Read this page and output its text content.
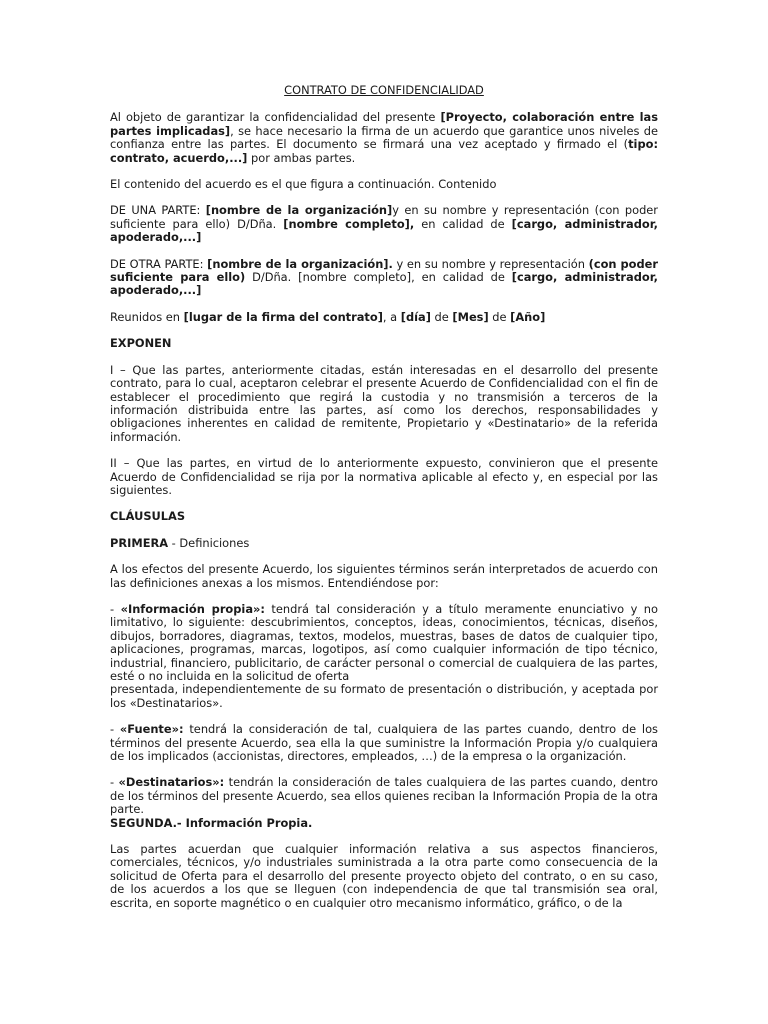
CONTRATO DE CONFIDENCIALIDAD

Al objeto de garantizar la confidencialidad del presente [Proyecto, colaboración entre las partes implicadas], se hace necesario la firma de un acuerdo que garantice unos niveles de confianza entre las partes. El documento se firmará una vez aceptado y firmado el (tipo: contrato, acuerdo,...] por ambas partes.

El contenido del acuerdo es el que figura a continuación. Contenido

DE UNA PARTE: [nombre de la organización]y en su nombre y representación (con poder suficiente para ello) D/Dña. [nombre completo], en calidad de [cargo, administrador, apoderado,...]

DE OTRA PARTE: [nombre de la organización]. y en su nombre y representación (con poder suficiente para ello) D/Dña. [nombre completo], en calidad de [cargo, administrador, apoderado,...]

Reunidos en [lugar de la firma del contrato], a [día] de [Mes] de [Año]

EXPONEN

I – Que las partes, anteriormente citadas, están interesadas en el desarrollo del presente contrato, para lo cual, aceptaron celebrar el presente Acuerdo de Confidencialidad con el fin de establecer el procedimiento que regirá la custodia y no transmisión a terceros de la información distribuida entre las partes, así como los derechos, responsabilidades y obligaciones inherentes en calidad de remitente, Propietario y «Destinatario» de la referida información.

II – Que las partes, en virtud de lo anteriormente expuesto, convinieron que el presente Acuerdo de Confidencialidad se rija por la normativa aplicable al efecto y, en especial por las siguientes.

CLÁUSULAS

PRIMERA - Definiciones

A los efectos del presente Acuerdo, los siguientes términos serán interpretados de acuerdo con las definiciones anexas a los mismos. Entendiéndose por:

- «Información propia»: tendrá tal consideración y a título meramente enunciativo y no limitativo, lo siguiente: descubrimientos, conceptos, ideas, conocimientos, técnicas, diseños, dibujos, borradores, diagramas, textos, modelos, muestras, bases de datos de cualquier tipo, aplicaciones, programas, marcas, logotipos, así como cualquier información de tipo técnico, industrial, financiero, publicitario, de carácter personal o comercial de cualquiera de las partes, esté o no incluida en la solicitud de oferta
presentada, independientemente de su formato de presentación o distribución, y aceptada por los «Destinatarios».

- «Fuente»: tendrá la consideración de tal, cualquiera de las partes cuando, dentro de los términos del presente Acuerdo, sea ella la que suministre la Información Propia y/o cualquiera de los implicados (accionistas, directores, empleados, …) de la empresa o la organización.

- «Destinatarios»: tendrán la consideración de tales cualquiera de las partes cuando, dentro de los términos del presente Acuerdo, sea ellos quienes reciban la Información Propia de la otra parte.

SEGUNDA.- Información Propia.

Las partes acuerdan que cualquier información relativa a sus aspectos financieros, comerciales, técnicos, y/o industriales suministrada a la otra parte como consecuencia de la solicitud de Oferta para el desarrollo del presente proyecto objeto del contrato, o en su caso, de los acuerdos a los que se lleguen (con independencia de que tal transmisión sea oral, escrita, en soporte magnético o en cualquier otro mecanismo informático, gráfico, o de la
